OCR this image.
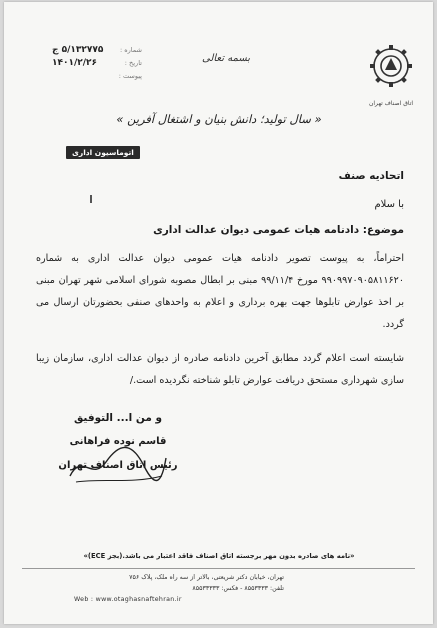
شماره :
۵/۱۳۲۷۷۵ ج
تاریخ :
۱۴۰۱/۲/۲۶
پیوست :
بسمه تعالی
اتاق اصناف تهران
« سال تولید؛ دانش بنیان و اشتغال آفرین »
اتوماسیون اداری
اتحادیه صنف
با سلام
موضوع: دادنامه هیات عمومی دیوان عدالت اداری
احتراماً، به پیوست تصویر دادنامه هیات عمومی دیوان عدالت اداری به شماره ۹۹۰۹۹۷۰۹۰۵۸۱۱۶۲۰ مورخ ۹۹/۱۱/۴ مبنی بر ابطال مصوبه شورای اسلامی شهر تهران مبنی بر اخذ عوارض تابلوها جهت بهره برداری و اعلام به واحدهای صنفی بحضورتان ارسال می گردد.
شایسته است اعلام گردد مطابق آخرین دادنامه صادره از دیوان عدالت اداری، سازمان زیبا سازی شهرداری مستحق دریافت عوارض تابلو شناخته نگردیده است./
و من ا... التوفیق
قاسم نوده فراهانی
رئیس اتاق اصناف تهران
«نامه های صادره بدون مهر برجسته اتاق اصناف فاقد اعتبار می باشد.(بجز ECE)»
تهران، خیابان دکتر شریعتی، بالاتر از سه راه ملک، پلاک ۷۵۶
تلفن: ۸۵۵۳۳۳۳ - فکس: ۸۵۵۳۳۳۳۳
Web : www.otaghasnaftehran.ir
